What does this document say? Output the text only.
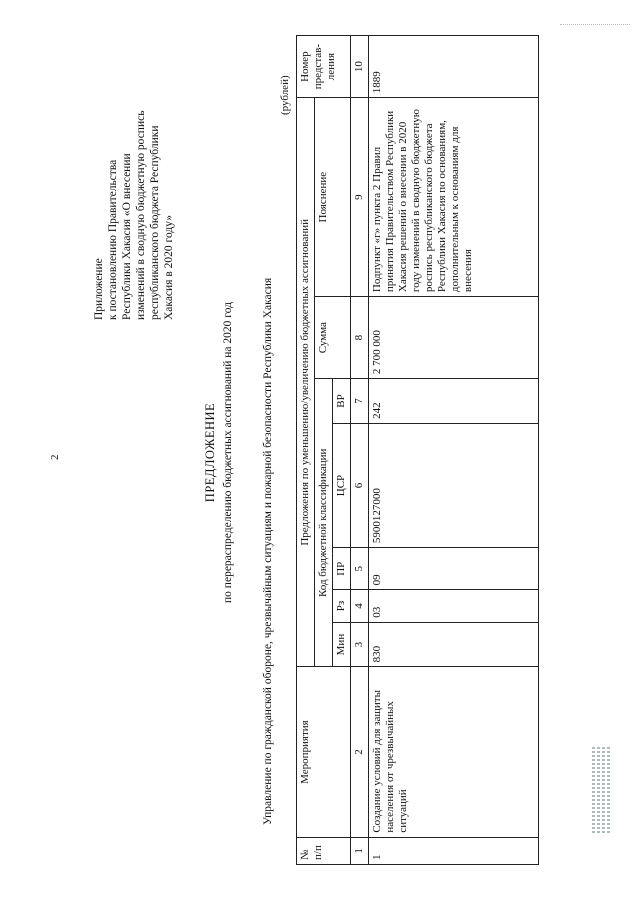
2
Приложение к постановлению Правительства Республики Хакасия «О внесении изменений в сводную бюджетную роспись республиканского бюджета Республики Хакасия в 2020 году»
ПРЕДЛОЖЕНИЕ по перераспределению бюджетных ассигнований на 2020 год Управление по гражданской обороне, чрезвычайным ситуациям и пожарной безопасности Республики Хакасия
(рублей)
№ п/п	Мероприятия	Предложения по уменьшению/увеличению бюджетных ассигнований							Номер представ-ления
		Код бюджетной классификации					Сумма	Пояснение	
		Мин	Рз	ПР	ЦСР	ВР			
1	2	3	4	5	6	7	8	9	10
1	Создание условий для защиты населения от чрезвычайных ситуаций	830	03	09	5900127000	242	2 700 000	Подпункт «г» пункта 2 Правил принятия Правительством Республики Хакасия решений о внесении в 2020 году изменений в сводную бюджетную роспись республиканского бюджета Республики Хакасия по основаниям, дополнительным к основаниям для внесения	1889
